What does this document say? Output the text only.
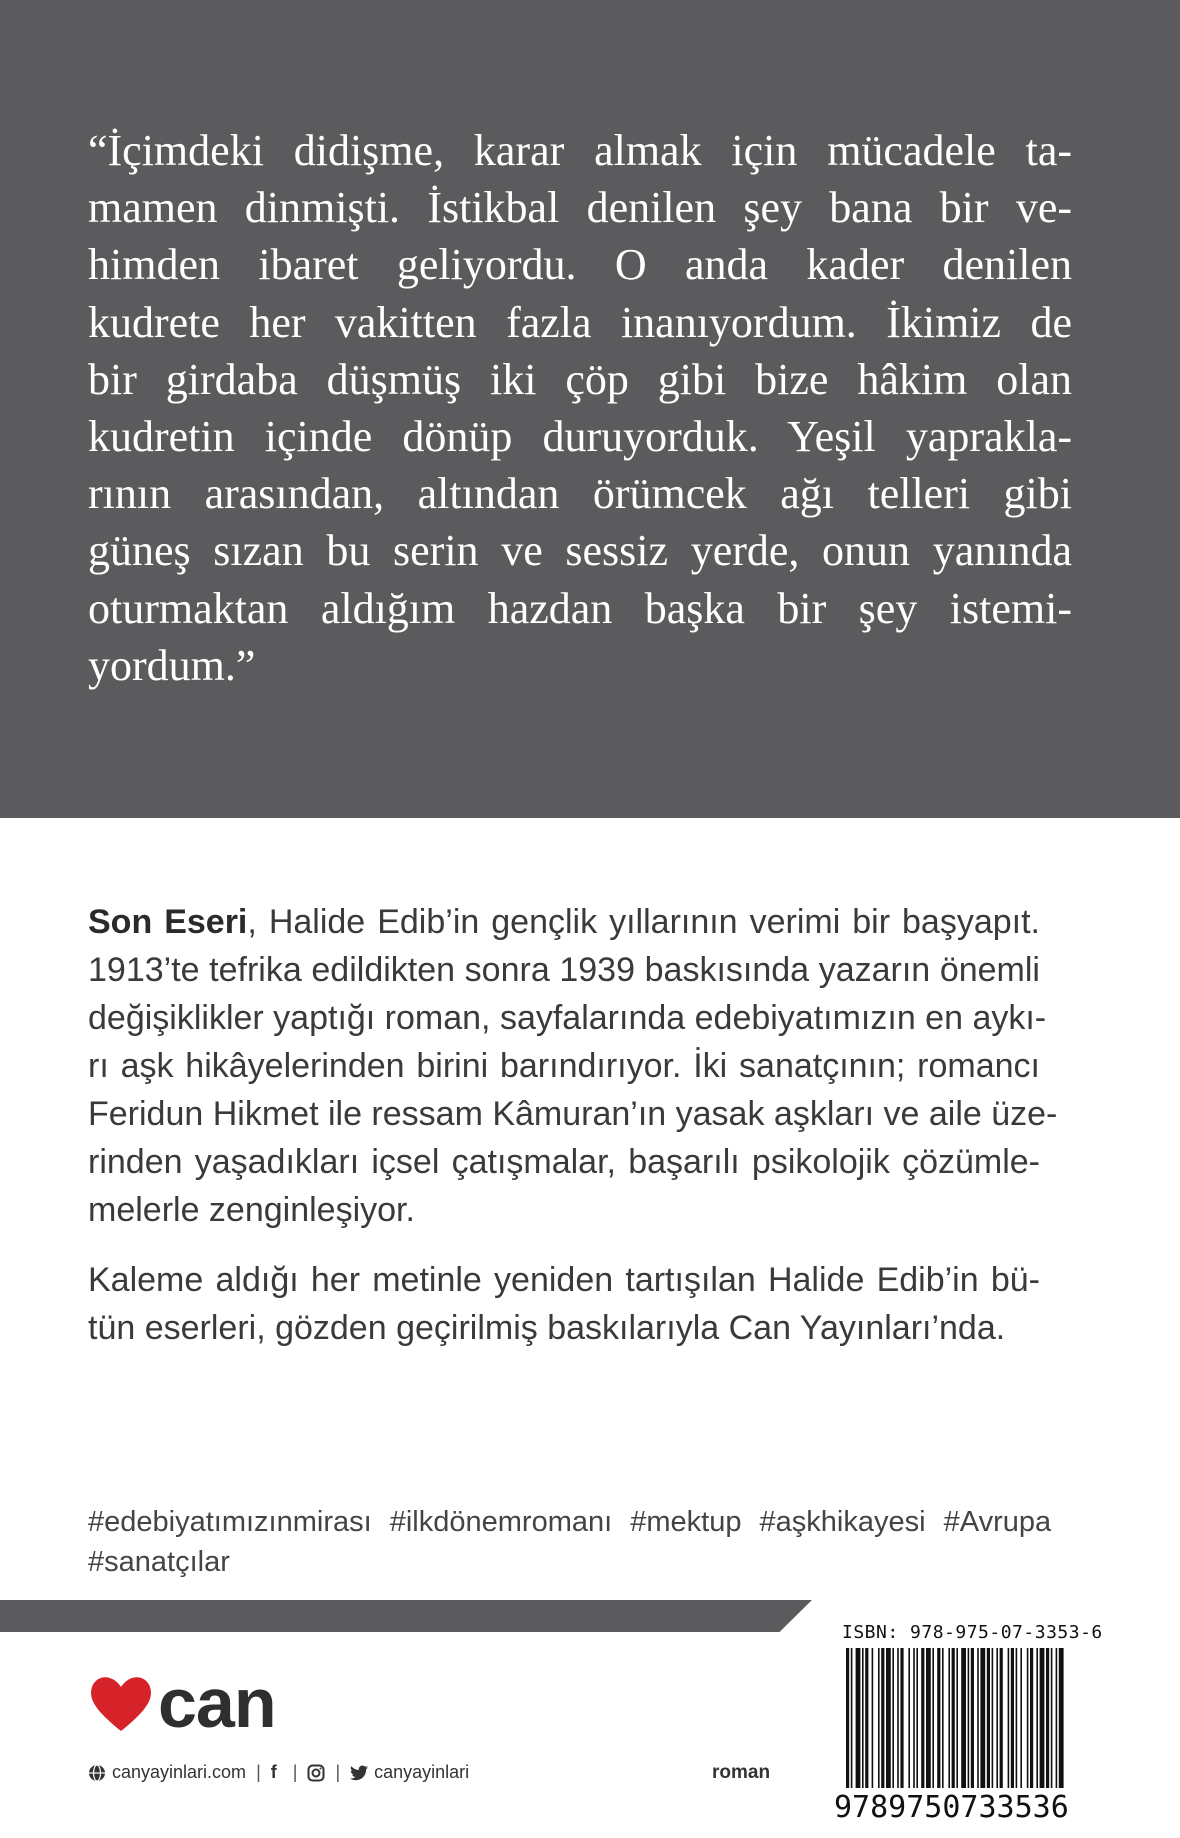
“İçimdeki didişme, karar almak için mücadele ta-
mamen dinmişti. İstikbal denilen şey bana bir ve-
himden ibaret geliyordu. O anda kader denilen
kudrete her vakitten fazla inanıyordum. İkimiz de
bir girdaba düşmüş iki çöp gibi bize hâkim olan
kudretin içinde dönüp duruyorduk. Yeşil yaprakla-
rının arasından, altından örümcek ağı telleri gibi
güneş sızan bu serin ve sessiz yerde, onun yanında
oturmaktan aldığım hazdan başka bir şey istemi-
yordum.”
Son Eseri, Halide Edib’in gençlik yıllarının verimi bir başyapıt.
1913’te tefrika edildikten sonra 1939 baskısında yazarın önemli
değişiklikler yaptığı roman, sayfalarında edebiyatımızın en aykı-
rı aşk hikâyelerinden birini barındırıyor. İki sanatçının; romancı
Feridun Hikmet ile ressam Kâmuran’ın yasak aşkları ve aile üze-
rinden yaşadıkları içsel çatışmalar, başarılı psikolojik çözümle-
melerle zenginleşiyor.
Kaleme aldığı her metinle yeniden tartışılan Halide Edib’in bü-
tün eserleri, gözden geçirilmiş baskılarıyla Can Yayınları’nda.
#edebiyatımızınmirası #ilkdönemromanı #mektup #aşkhikayesi #Avrupa
#sanatçılar
can
canyayinlari.com | f | | canyayinlari	roman
ISBN: 978-975-07-3353-6
9789750733536
